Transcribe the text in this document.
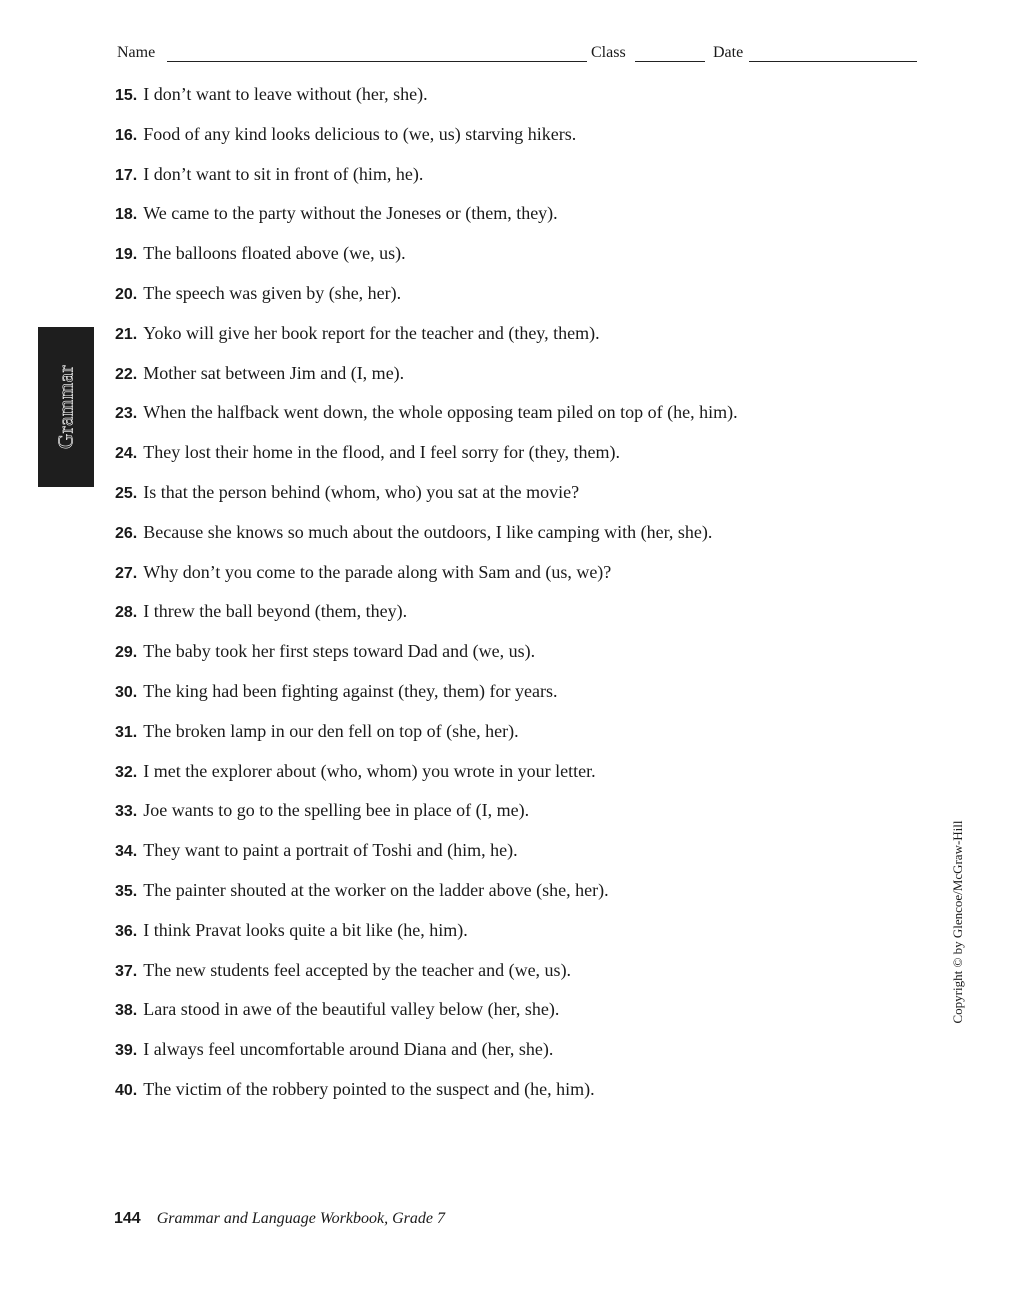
Name	Class	Date
Grammar
15. I don’t want to leave without (her, she).
16. Food of any kind looks delicious to (we, us) starving hikers.
17. I don’t want to sit in front of (him, he).
18. We came to the party without the Joneses or (them, they).
19. The balloons floated above (we, us).
20. The speech was given by (she, her).
21. Yoko will give her book report for the teacher and (they, them).
22. Mother sat between Jim and (I, me).
23. When the halfback went down, the whole opposing team piled on top of (he, him).
24. They lost their home in the flood, and I feel sorry for (they, them).
25. Is that the person behind (whom, who) you sat at the movie?
26. Because she knows so much about the outdoors, I like camping with (her, she).
27. Why don’t you come to the parade along with Sam and (us, we)?
28. I threw the ball beyond (them, they).
29. The baby took her first steps toward Dad and (we, us).
30. The king had been fighting against (they, them) for years.
31. The broken lamp in our den fell on top of (she, her).
32. I met the explorer about (who, whom) you wrote in your letter.
33. Joe wants to go to the spelling bee in place of (I, me).
34. They want to paint a portrait of Toshi and (him, he).
35. The painter shouted at the worker on the ladder above (she, her).
36. I think Pravat looks quite a bit like (he, him).
37. The new students feel accepted by the teacher and (we, us).
38. Lara stood in awe of the beautiful valley below (her, she).
39. I always feel uncomfortable around Diana and (her, she).
40. The victim of the robbery pointed to the suspect and (he, him).
Copyright © by Glencoe/McGraw-Hill
144 Grammar and Language Workbook, Grade 7
